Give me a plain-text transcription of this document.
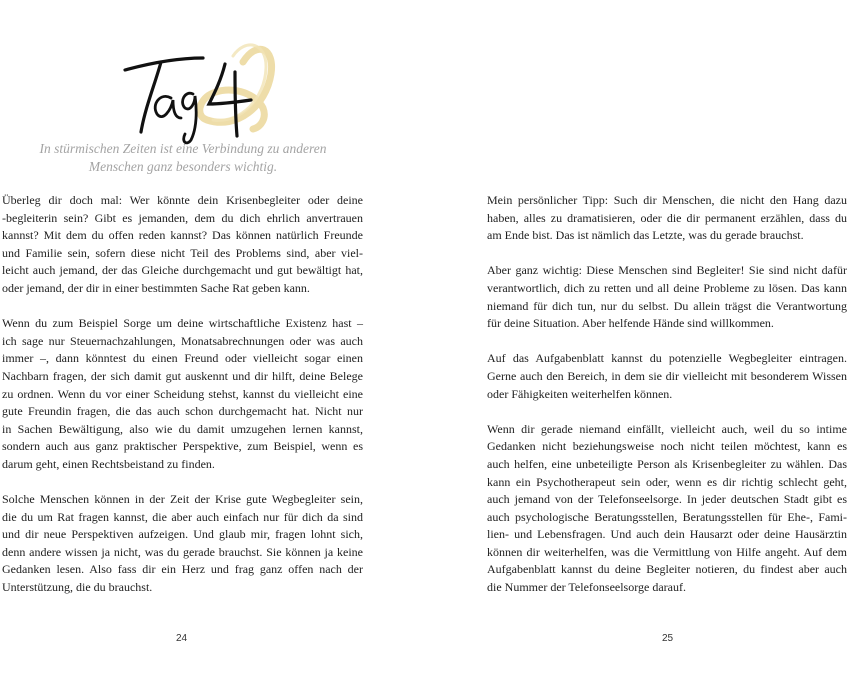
In stürmischen Zeiten ist eine Verbindung zu anderen
Menschen ganz besonders wichtig.

Überleg dir doch mal: Wer könnte dein Krisenbegleiter oder deine
-begleiterin sein? Gibt es jemanden, dem du dich ehrlich anvertrauen
kannst? Mit dem du offen reden kannst? Das können natürlich Freunde
und Familie sein, sofern diese nicht Teil des Problems sind, aber viel-
leicht auch jemand, der das Gleiche durchgemacht und gut bewältigt hat,
oder jemand, der dir in einer bestimmten Sache Rat geben kann.

Wenn du zum Beispiel Sorge um deine wirtschaftliche Existenz hast –
ich sage nur Steuernachzahlungen, Monatsabrechnungen oder was auch
immer –, dann könntest du einen Freund oder vielleicht sogar einen
Nachbarn fragen, der sich damit gut auskennt und dir hilft, deine Belege
zu ordnen. Wenn du vor einer Scheidung stehst, kannst du vielleicht eine
gute Freundin fragen, die das auch schon durchgemacht hat. Nicht nur
in Sachen Bewältigung, also wie du damit umzugehen lernen kannst,
sondern auch aus ganz praktischer Perspektive, zum Beispiel, wenn es
darum geht, einen Rechtsbeistand zu finden.

Solche Menschen können in der Zeit der Krise gute Wegbegleiter sein,
die du um Rat fragen kannst, die aber auch einfach nur für dich da sind
und dir neue Perspektiven aufzeigen. Und glaub mir, fragen lohnt sich,
denn andere wissen ja nicht, was du gerade brauchst. Sie können ja keine
Gedanken lesen. Also fass dir ein Herz und frag ganz offen nach der
Unterstützung, die du brauchst.

24

Mein persönlicher Tipp: Such dir Menschen, die nicht den Hang dazu
haben, alles zu dramatisieren, oder die dir permanent erzählen, dass du
am Ende bist. Das ist nämlich das Letzte, was du gerade brauchst.

Aber ganz wichtig: Diese Menschen sind Begleiter! Sie sind nicht dafür
verantwortlich, dich zu retten und all deine Probleme zu lösen. Das kann
niemand für dich tun, nur du selbst. Du allein trägst die Verantwortung
für deine Situation. Aber helfende Hände sind willkommen.

Auf das Aufgabenblatt kannst du potenzielle Wegbegleiter eintragen.
Gerne auch den Bereich, in dem sie dir vielleicht mit besonderem Wissen
oder Fähigkeiten weiterhelfen können.

Wenn dir gerade niemand einfällt, vielleicht auch, weil du so intime
Gedanken nicht beziehungsweise noch nicht teilen möchtest, kann es
auch helfen, eine unbeteiligte Person als Krisenbegleiter zu wählen. Das
kann ein Psychotherapeut sein oder, wenn es dir richtig schlecht geht,
auch jemand von der Telefonseelsorge. In jeder deutschen Stadt gibt es
auch psychologische Beratungsstellen, Beratungsstellen für Ehe-, Fami-
lien- und Lebensfragen. Und auch dein Hausarzt oder deine Hausärztin
können dir weiterhelfen, was die Vermittlung von Hilfe angeht. Auf dem
Aufgabenblatt kannst du deine Begleiter notieren, du findest aber auch
die Nummer der Telefonseelsorge darauf.

25
